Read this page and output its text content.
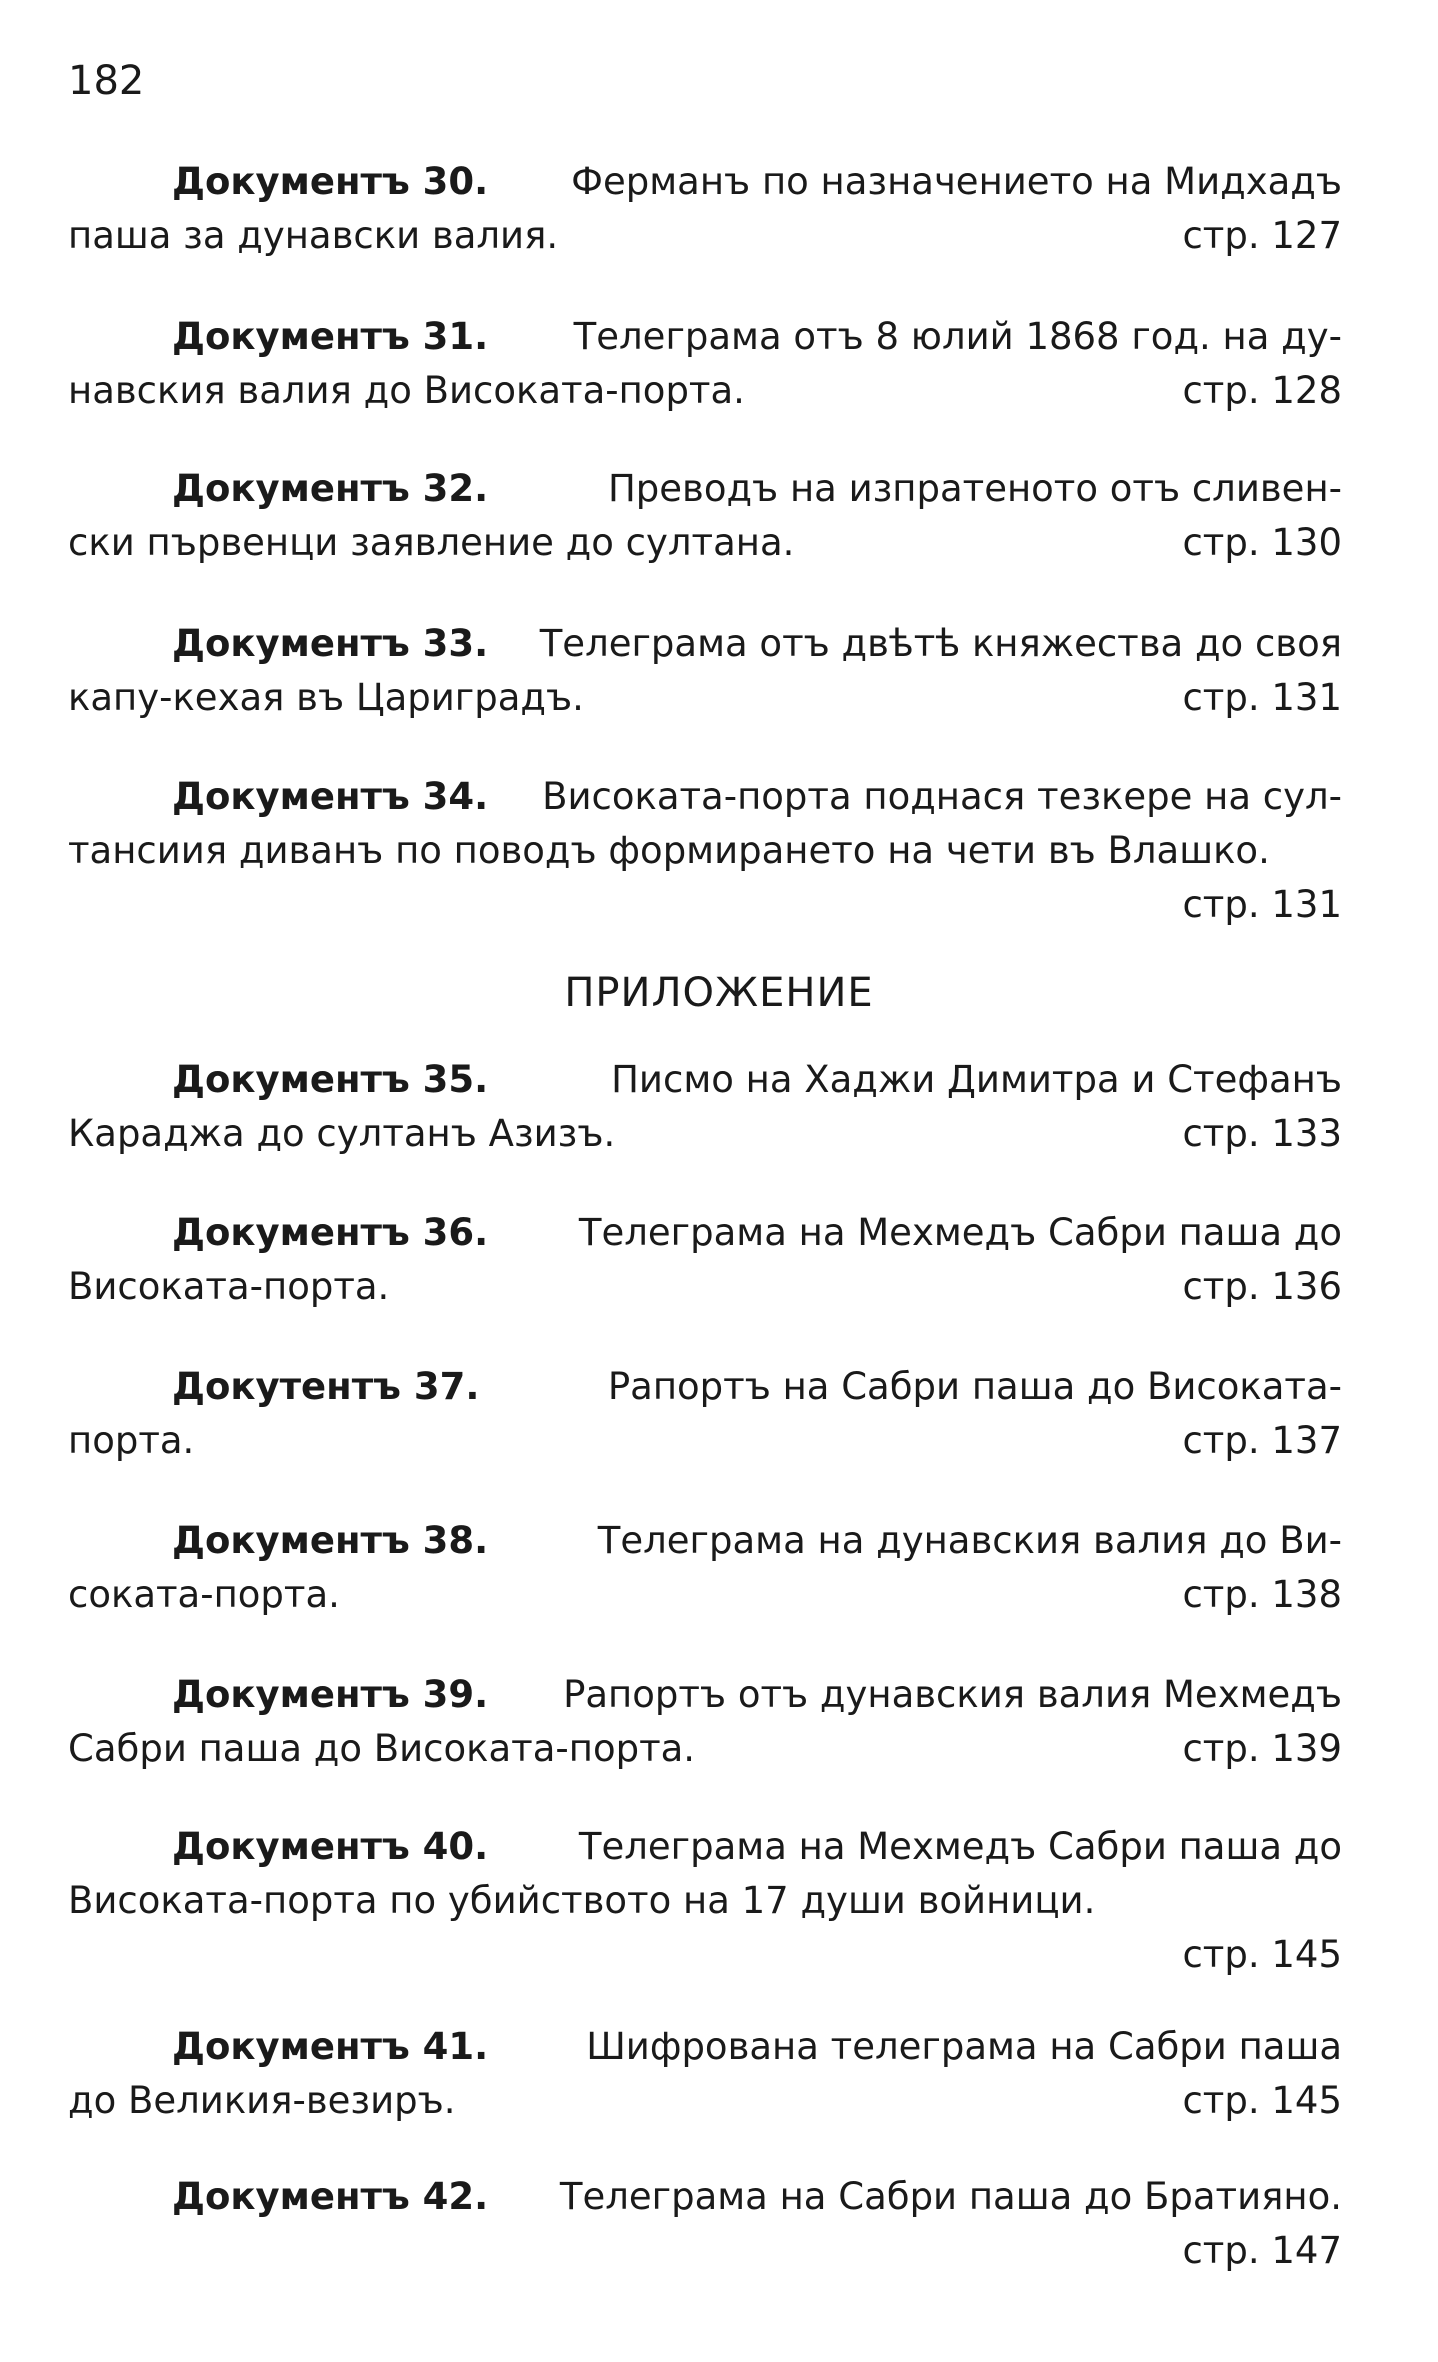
182
Документъ 30. Ферманъ по назначението на Мидхадъ
паша за дунавски валия.	стр. 127
Документъ 31. Телеграма отъ 8 юлий 1868 год. на ду-
навския валия до Високата-порта.	стр. 128
Документъ 32.	Преводъ на изпратеното отъ сливен-
ски първенци заявление до султана.	стр. 130
Документъ 33. Телеграма отъ двѣтѣ княжества до своя
капу-кехая въ Цариградъ.	стр. 131
Документъ 34. Високата-порта поднася тезкере на сул-
тансиия диванъ по поводъ формирането на чети въ Влашко.
стр. 131
ПРИЛОЖЕНИЕ
Документъ 35.	Писмо на Хаджи Димитра и Стефанъ
Караджа до султанъ Азизъ.	стр. 133
Документъ 36. Телеграма на Мехмедъ Сабри паша до
Високата-порта.	стр. 136
Докутентъ 37.	Рапортъ на Сабри паша до Високата-
порта.	стр. 137
Документъ 38.	Телеграма на дунавския валия до Ви-
соката-порта.	стр. 138
Документъ 39. Рапортъ отъ дунавския валия Мехмедъ
Сабри паша до Високата-порта.	стр. 139
Документъ 40. Телеграма на Мехмедъ Сабри паша до
Високата-порта по убийството на 17 души войници.
стр. 145
Документъ 41.	Шифрована телеграма на Сабри паша
до Великия-везиръ.	стр. 145
Документъ 42. Телеграма на Сабри паша до Братияно.
стр. 147
